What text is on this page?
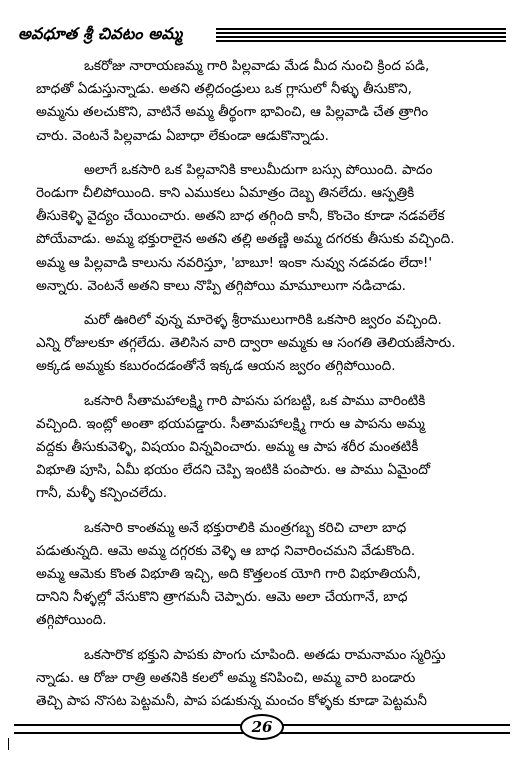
అవధూత శ్రీ చివటం అమ్మ
ఒకరోజు నారాయణమ్మ గారి పిల్లవాడు మేడ మీద నుంచి క్రింద పడి,
బాధతో ఏడుస్తున్నాడు. అతని తల్లిదండ్రులు ఒక గ్లాసులో నీళ్ళు తీసుకొని,
అమ్మను తలచుకొని, వాటినే అమ్మ తీర్థంగా భావించి, ఆ పిల్లవాడి చేత త్రాగిం
చారు. వెంటనే పిల్లవాడు ఏబాధా లేకుండా ఆడుకొన్నాడు.
అలాగే ఒకసారి ఒక పిల్లవానికి కాలుమీదుగా బస్సు పోయింది. పాదం
రెండుగా చీలిపోయింది. కాని ఎముకలు ఏమాత్రం దెబ్బ తినలేదు. ఆస్పత్రికి
తీసుకెళ్ళి వైద్యం చేయించారు. అతని బాధ తగ్గింది కానీ, కొంచెం కూడా నడవలేక
పోయేవాడు. అమ్మ భక్తురాలైన అతని తల్లి అతణ్ణి అమ్మ దగరకు తీసుకు వచ్చింది.
అమ్మ ఆ పిల్లవాడి కాలును నవరిస్తూ, 'బాబూ! ఇంకా నువ్వు నడవడం లేదా!'
అన్నారు. వెంటనే అతని కాలు నొప్పి తగ్గిపోయి మామూలుగా నడిచాడు.
మరో ఊరిలో వున్న మారెళ్ళ శ్రీరాములుగారికి ఒకసారి జ్వరం వచ్చింది.
ఎన్ని రోజులకూ తగ్గలేదు. తెలిసిన వారి ద్వారా అమ్మకు ఆ సంగతి తెలియజేసారు.
అక్కడ అమ్మకు కబురందడంతోనే ఇక్కడ ఆయన జ్వరం తగ్గిపోయింది.
ఒకసారి సీతామహాలక్ష్మి గారి పాపను పగబట్టి, ఒక పాము వారింటికి
వచ్చింది. ఇంట్లో అంతా భయపడ్డారు. సీతామహాలక్ష్మి గారు ఆ పాపను అమ్మ
వద్దకు తీసుకువెళ్ళి, విషయం విన్నవించారు. అమ్మ ఆ పాప శరీర మంతటికీ
విభూతి పూసి, ఏమీ భయం లేదని చెప్పి ఇంటికి పంపారు. ఆ పాము ఏమైందో
గానీ, మళ్ళీ కన్పించలేదు.
ఒకసారి కాంతమ్మ అనే భక్తురాలికి మంత్రగబ్బ కరిచి చాలా బాధ
పడుతున్నది. ఆమె అమ్మ దగ్గరకు వెళ్ళి ఆ బాధ నివారించమని వేడుకొంది.
అమ్మ ఆమెకు కొంత విభూతి ఇచ్చి, అది కొత్తలంక యోగి గారి విభూతియనీ,
దానిని నీళ్ళల్లో వేసుకొని త్రాగమనీ చెప్పారు. ఆమె అలా చేయగానే, బాధ
తగ్గిపోయింది.
ఒకసారొక భక్తుని పాపకు పొంగు చూపింది. అతడు రామనామం స్మరిస్తు
న్నాడు. ఆ రోజు రాత్రి అతనికి కలలో అమ్మ కనిపించి, అమ్మ వారి బండారు
తెచ్చి పాప నొసట పెట్టమనీ, పాప పడుకున్న మంచం కోళ్ళకు కూడా పెట్టమనీ
26
